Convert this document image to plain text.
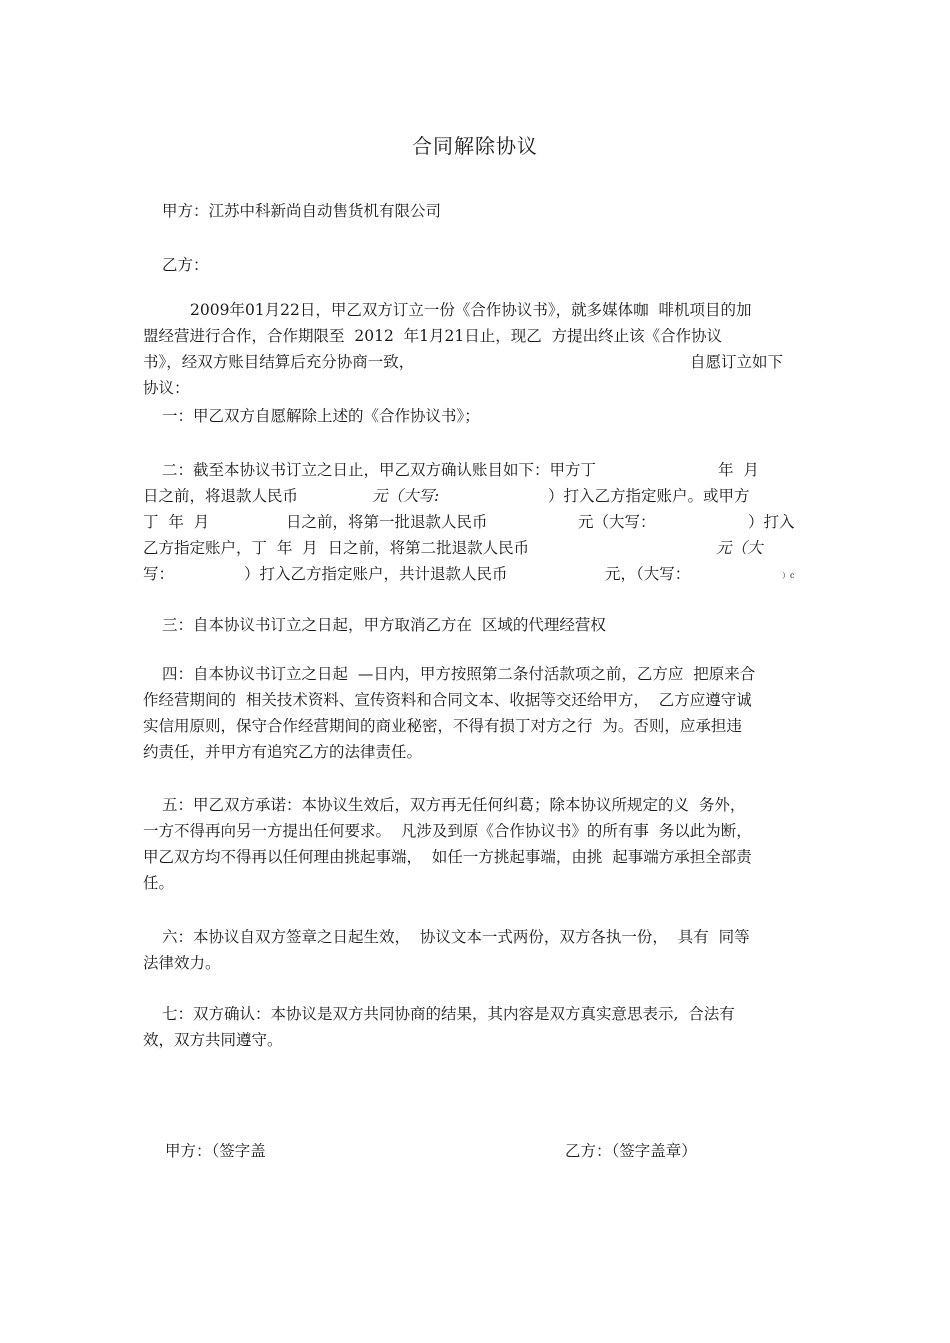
合同解除协议
甲方：江苏中科新尚自动售货机有限公司
乙方：
2009年01月22日，甲乙双方订立一份《合作协议书》，就多媒体咖  啡机项目的加
盟经营进行合作，合作期限至  2012  年1月21日止，现乙  方提出终止该《合作协议
书》，经双方账目结算后充分协商一致，	自愿订立如下
协议：
一：甲乙双方自愿解除上述的《合作协议书》；
二：截至本协议书订立之日止，甲乙双方确认账目如下：甲方丁	年  月
日之前，将退款人民币	元（大写:	）打入乙方指定账户。或甲方
丁  年  月	日之前，将第一批退款人民币	元（大写：	）打入
乙方指定账户，丁  年  月  日之前，将第二批退款人民币	元（大
写：	）打入乙方指定账户，共计退款人民币	元，（大写：	）c
三：自本协议书订立之日起，甲方取消乙方在  区域的代理经营权
四：自本协议书订立之日起  —日内，甲方按照第二条付活款项之前，乙方应  把原来合
作经营期间的  相关技术资料、宣传资料和合同文本、收据等交还给甲方，  乙方应遵守诚
实信用原则，保守合作经营期间的商业秘密，不得有损丁对方之行  为。否则，应承担违
约责任，并甲方有追究乙方的法律责任。
五：甲乙双方承诺：本协议生效后，双方再无任何纠葛；除本协议所规定的义  务外，
一方不得再向另一方提出任何要求。  凡涉及到原《合作协议书》的所有事  务以此为断，
甲乙双方均不得再以任何理由挑起事端，  如任一方挑起事端，由挑  起事端方承担全部责
任。
六：本协议自双方签章之日起生效，  协议文本一式两份，双方各执一份，  具有  同等
法律效力。
七：双方确认：本协议是双方共同协商的结果，其内容是双方真实意思表示,  合法有
效，双方共同遵守。
甲方：（签字盖	乙方：（签字盖章）
